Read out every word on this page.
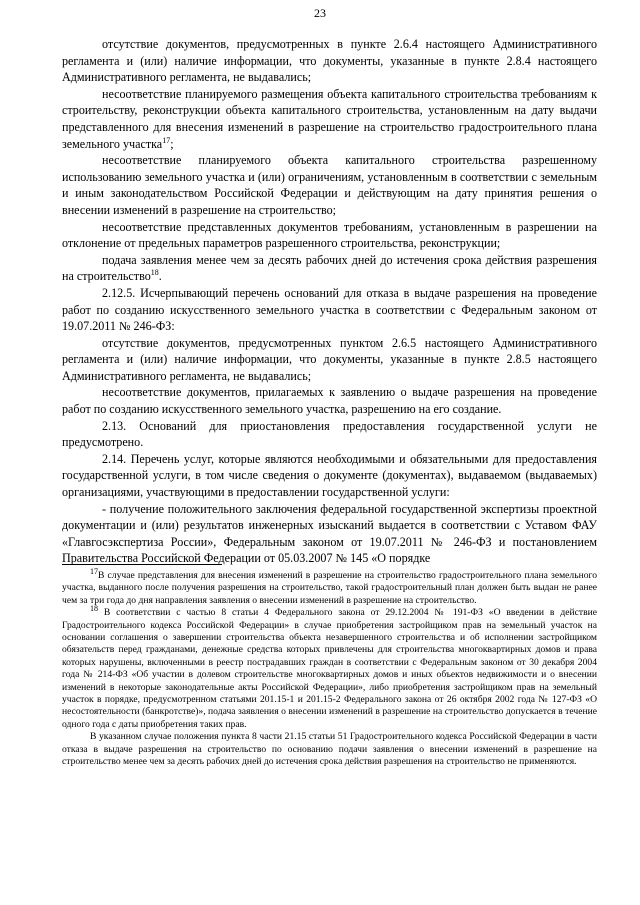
23

отсутствие документов, предусмотренных в пункте 2.6.4 настоящего Административного регламента и (или) наличие информации, что документы, указанные в пункте 2.8.4 настоящего Административного регламента, не выдавались;

несоответствие планируемого размещения объекта капитального строительства требованиям к строительству, реконструкции объекта капитального строительства, установленным на дату выдачи представленного для внесения изменений в разрешение на строительство градостроительного плана земельного участка$^{17}$;

несоответствие планируемого объекта капитального строительства разрешенному использованию земельного участка и (или) ограничениям, установленным в соответствии с земельным и иным законодательством Российской Федерации и действующим на дату принятия решения о внесении изменений в разрешение на строительство;

несоответствие представленных документов требованиям, установленным в разрешении на отклонение от предельных параметров разрешенного строительства, реконструкции;

подача заявления менее чем за десять рабочих дней до истечения срока действия разрешения на строительство$^{18}$.

2.12.5. Исчерпывающий перечень оснований для отказа в выдаче разрешения на проведение работ по созданию искусственного земельного участка в соответствии с Федеральным законом от 19.07.2011 № 246-ФЗ:

отсутствие документов, предусмотренных пунктом 2.6.5 настоящего Административного регламента и (или) наличие информации, что документы, указанные в пункте 2.8.5 настоящего Административного регламента, не выдавались;

несоответствие документов, прилагаемых к заявлению о выдаче разрешения на проведение работ по созданию искусственного земельного участка, разрешению на его создание.

2.13. Оснований для приостановления предоставления государственной услуги не предусмотрено.

2.14. Перечень услуг, которые являются необходимыми и обязательными для предоставления государственной услуги, в том числе сведения о документе (документах), выдаваемом (выдаваемых) организациями, участвующими в предоставлении государственной услуги:

- получение положительного заключения федеральной государственной экспертизы проектной документации и (или) результатов инженерных изысканий выдается в соответствии с Уставом ФАУ «Главгосэкспертиза России», Федеральным законом от 19.07.2011 № 246-ФЗ и постановлением Правительства Российской Федерации от 05.03.2007 № 145 «О порядке

$^{17}$В случае представления для внесения изменений в разрешение на строительство градостроительного плана земельного участка, выданного после получения разрешения на строительство, такой градостроительный план должен быть выдан не ранее чем за три года до дня направления заявления о внесении изменений в разрешение на строительство.

$^{18}$ В соответствии с частью 8 статьи 4 Федерального закона от 29.12.2004 № 191-ФЗ «О введении в действие Градостроительного кодекса Российской Федерации» в случае приобретения застройщиком прав на земельный участок на основании соглашения о завершении строительства объекта незавершенного строительства и об исполнении застройщиком обязательств перед гражданами, денежные средства которых привлечены для строительства многоквартирных домов и права которых нарушены, включенными в реестр пострадавших граждан в соответствии с Федеральным законом от 30 декабря 2004 года № 214-ФЗ «Об участии в долевом строительстве многоквартирных домов и иных объектов недвижимости и о внесении изменений в некоторые законодательные акты Российской Федерации», либо приобретения застройщиком прав на земельный участок в порядке, предусмотренном статьями 201.15-1 и 201.15-2 Федерального закона от 26 октября 2002 года № 127-ФЗ «О несостоятельности (банкротстве)», подача заявления о внесении изменений в разрешение на строительство допускается в течение одного года с даты приобретения таких прав.

В указанном случае положения пункта 8 части 21.15 статьи 51 Градостроительного кодекса Российской Федерации в части отказа в выдаче разрешения на строительство по основанию подачи заявления о внесении изменений в разрешение на строительство менее чем за десять рабочих дней до истечения срока действия разрешения на строительство не применяются.
